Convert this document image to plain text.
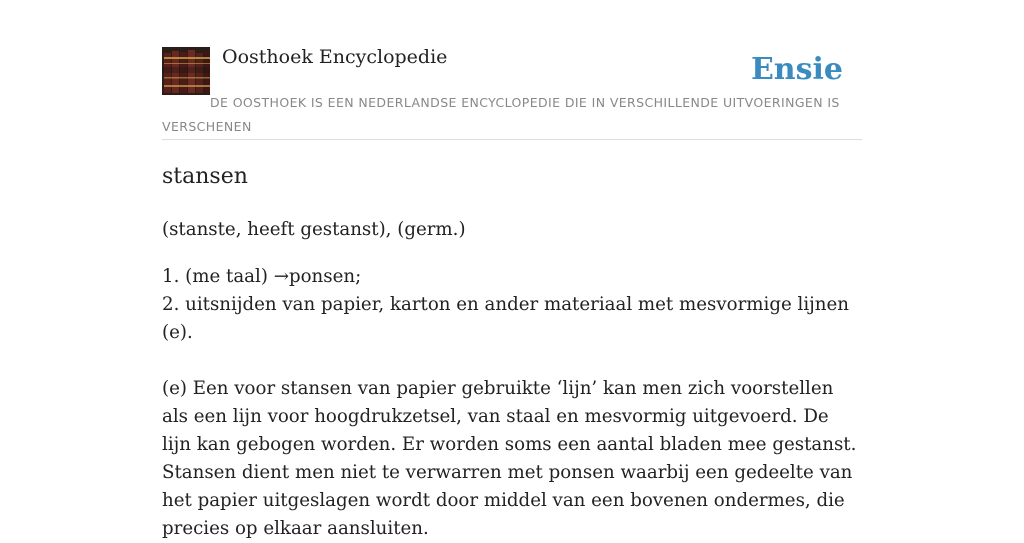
Oosthoek Encyclopedie	Ensie
DE OOSTHOEK IS EEN NEDERLANDSE ENCYCLOPEDIE DIE IN VERSCHILLENDE UITVOERINGEN IS VERSCHENEN
stansen

(stanste, heeft gestanst), (germ.)

1. (me taal) →ponsen;

2. uitsnijden van papier, karton en ander materiaal met mesvormige lijnen (e).

(e) Een voor stansen van papier gebruikte ‘lijn’ kan men zich voorstellen als een lijn voor hoogdrukzetsel, van staal en mesvormig uitgevoerd. De lijn kan gebogen worden. Er worden soms een aantal bladen mee gestanst. Stansen dient men niet te verwarren met ponsen waarbij een gedeelte van het papier uitgeslagen wordt door middel van een bovenen ondermes, die precies op elkaar aansluiten.
